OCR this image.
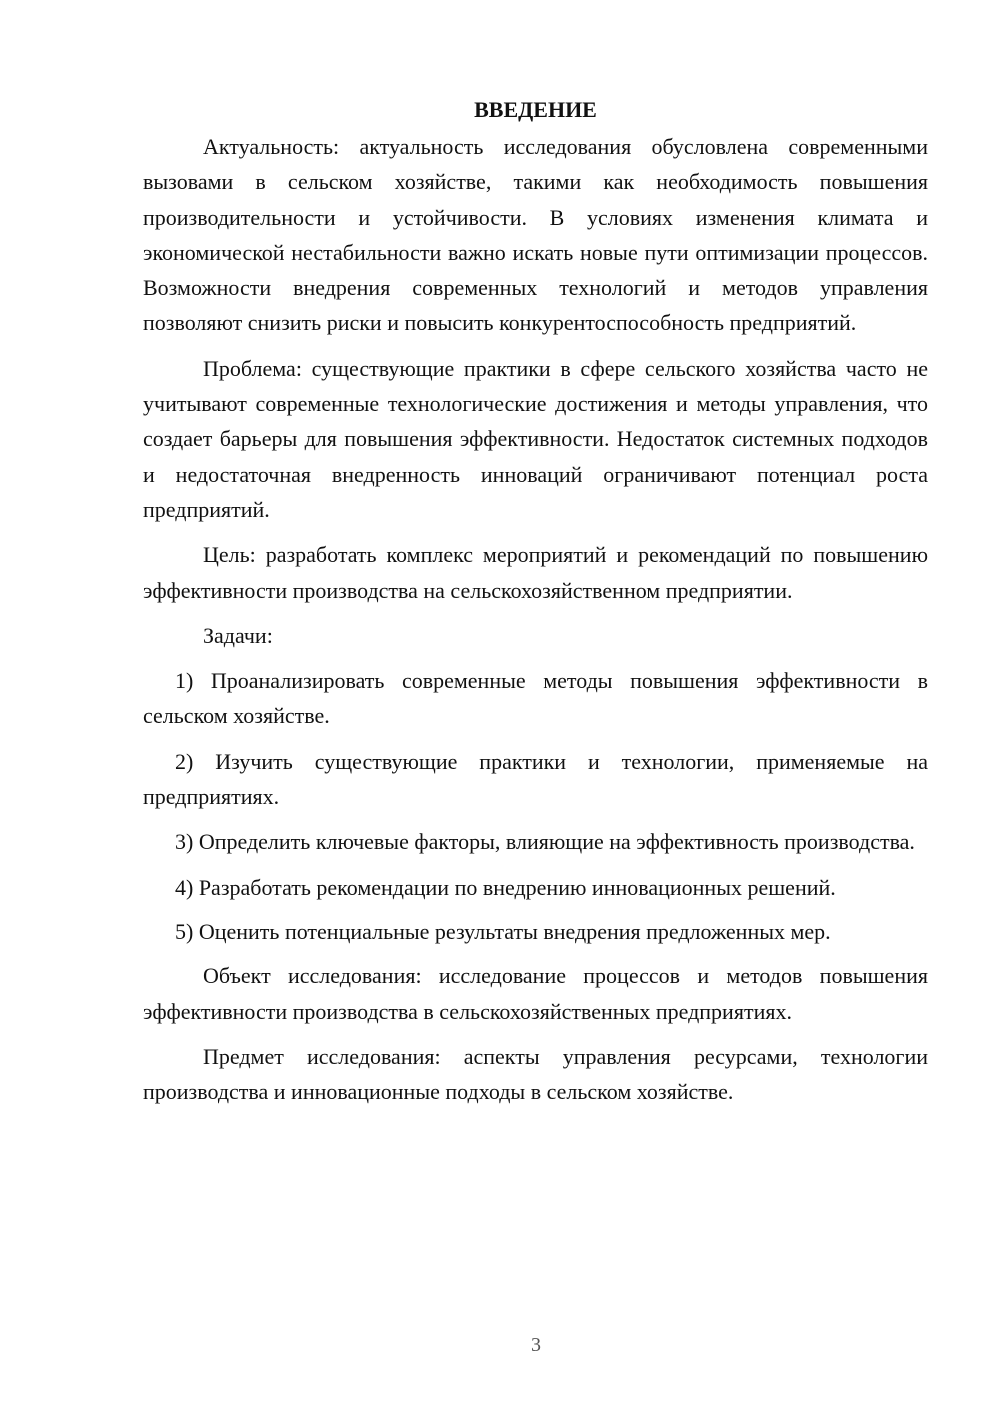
ВВЕДЕНИЕ

Актуальность: актуальность исследования обусловлена современными вызовами в сельском хозяйстве, такими как необходимость повышения производительности и устойчивости. В условиях изменения климата и экономической нестабильности важно искать новые пути оптимизации процессов. Возможности внедрения современных технологий и методов управления позволяют снизить риски и повысить конкурентоспособность предприятий.

Проблема: существующие практики в сфере сельского хозяйства часто не учитывают современные технологические достижения и методы управления, что создает барьеры для повышения эффективности. Недостаток системных подходов и недостаточная внедренность инноваций ограничивают потенциал роста предприятий.

Цель: разработать комплекс мероприятий и рекомендаций по повышению эффективности производства на сельскохозяйственном предприятии.

Задачи:

1) Проанализировать современные методы повышения эффективности в сельском хозяйстве.

2) Изучить существующие практики и технологии, применяемые на предприятиях.

3) Определить ключевые факторы, влияющие на эффективность производства.

4) Разработать рекомендации по внедрению инновационных решений.

5) Оценить потенциальные результаты внедрения предложенных мер.

Объект исследования: исследование процессов и методов повышения эффективности производства в сельскохозяйственных предприятиях.

Предмет исследования: аспекты управления ресурсами, технологии производства и инновационные подходы в сельском хозяйстве.

3
